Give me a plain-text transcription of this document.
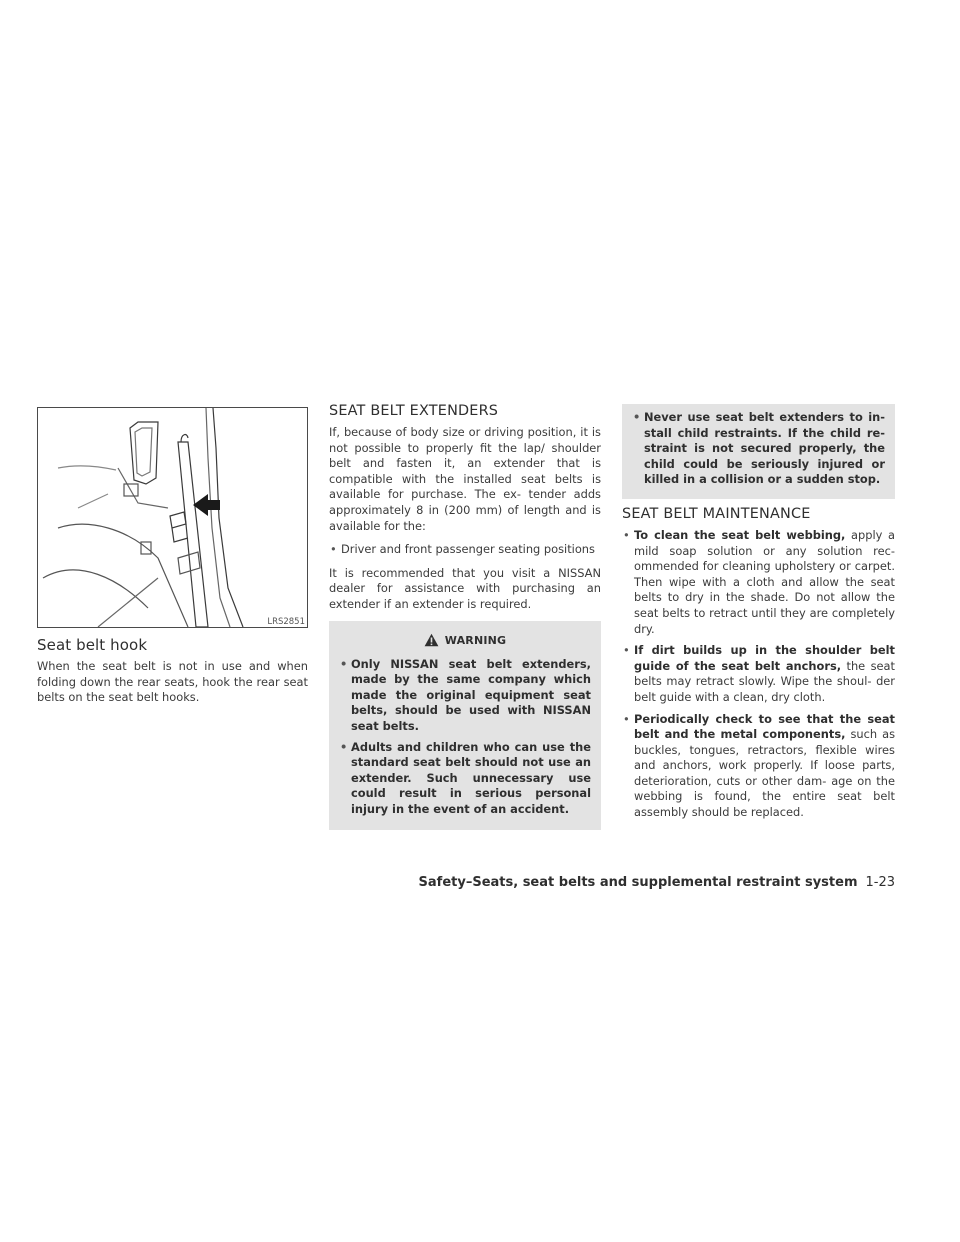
LRS2851
Seat belt hook

When the seat belt is not in use and when folding down the rear seats, hook the rear seat belts on the seat belt hooks.

SEAT BELT EXTENDERS

If, because of body size or driving position, it is not possible to properly fit the lap/ shoulder belt and fasten it, an extender that is compatible with the installed seat belts is available for purchase. The ex- tender adds approximately 8 in (200 mm) of length and is available for the:

• Driver and front passenger seating positions

It is recommended that you visit a NISSAN dealer for assistance with purchasing an extender if an extender is required.

WARNING
• Only NISSAN seat belt extenders, made by the same company which made the original equipment seat belts, should be used with NISSAN seat belts.
• Adults and children who can use the standard seat belt should not use an extender. Such unnecessary use could result in serious personal injury in the event of an accident.
• Never use seat belt extenders to in- stall child restraints. If the child re- straint is not secured properly, the child could be seriously injured or killed in a collision or a sudden stop.
SEAT BELT MAINTENANCE
• To clean the seat belt webbing, apply a mild soap solution or any solution rec- ommended for cleaning upholstery or carpet. Then wipe with a cloth and allow the seat belts to dry in the shade. Do not allow the seat belts to retract until they are completely dry.
• If dirt builds up in the shoulder belt guide of the seat belt anchors, the seat belts may retract slowly. Wipe the shoul- der belt guide with a clean, dry cloth.
• Periodically check to see that the seat belt and the metal components, such as buckles, tongues, retractors, flexible wires and anchors, work properly. If loose parts, deterioration, cuts or other dam- age on the webbing is found, the entire seat belt assembly should be replaced.
Safety–Seats, seat belts and supplemental restraint system 1-23
